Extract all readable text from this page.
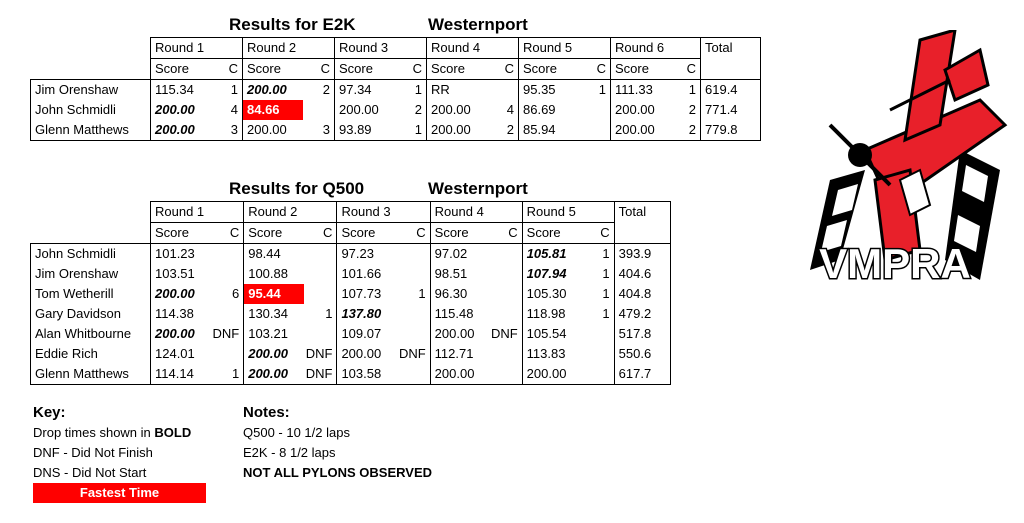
Results for E2K	Westernport
	Round 1		Round 2		Round 3		Round 4		Round 5		Round 6		Total
	Score	C	Score	C	Score	C	Score	C	Score	C	Score	C	
Jim Orenshaw	115.34	1	200.00	2	97.34	1	RR		95.35	1	111.33	1	619.4
John Schmidli	200.00	4	84.66		200.00	2	200.00	4	86.69		200.00	2	771.4
Glenn Matthews	200.00	3	200.00	3	93.89	1	200.00	2	85.94		200.00	2	779.8
Results for Q500	Westernport
	Round 1		Round 2		Round 3		Round 4		Round 5		Total
	Score	C	Score	C	Score	C	Score	C	Score	C	
John Schmidli	101.23		98.44		97.23		97.02		105.81	1	393.9
Jim Orenshaw	103.51		100.88		101.66		98.51		107.94	1	404.6
Tom Wetherill	200.00	6	95.44		107.73	1	96.30		105.30	1	404.8
Gary Davidson	114.38		130.34	1	137.80		115.48		118.98	1	479.2
Alan Whitbourne	200.00	DNF	103.21		109.07		200.00	DNF	105.54		517.8
Eddie Rich	124.01		200.00	DNF	200.00	DNF	112.71		113.83		550.6
Glenn Matthews	114.14	1	200.00	DNF	103.58		200.00		200.00		617.7
Key:
Drop times shown in BOLD
DNF - Did Not Finish
DNS - Did Not Start
Fastest Time
Notes:
Q500 - 10 1/2 laps
E2K - 8 1/2 laps
NOT ALL PYLONS OBSERVED
VMPRA
